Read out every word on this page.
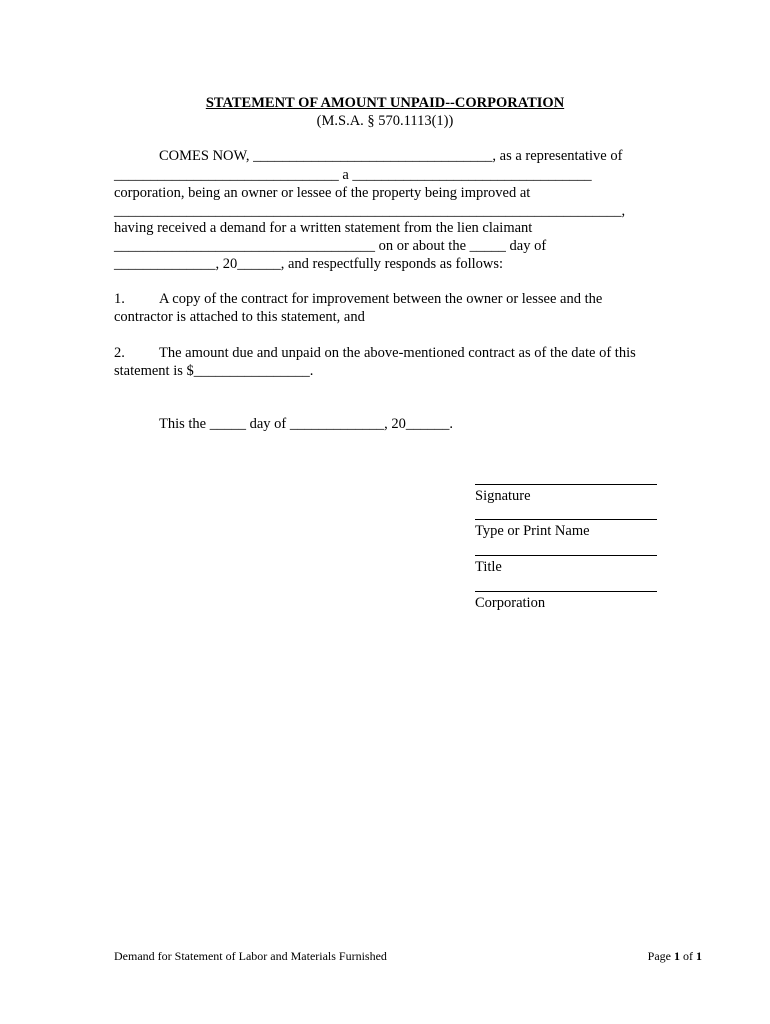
STATEMENT OF AMOUNT UNPAID--CORPORATION
(M.S.A. § 570.1113(1))
COMES NOW, _________________________________, as a representative of
_______________________________ a _________________________________
corporation, being an owner or lessee of the property being improved at
______________________________________________________________________,
having received a demand for a written statement from the lien claimant
____________________________________ on or about the _____ day of
______________, 20______, and respectfully responds as follows:
1. A copy of the contract for improvement between the owner or lessee and the
contractor is attached to this statement, and
2. The amount due and unpaid on the above-mentioned contract as of the date of this
statement is $________________.
This the _____ day of _____________, 20______.
Signature
Type or Print Name
Title
Corporation
Demand for Statement of Labor and Materials Furnished	Page 1 of 1
